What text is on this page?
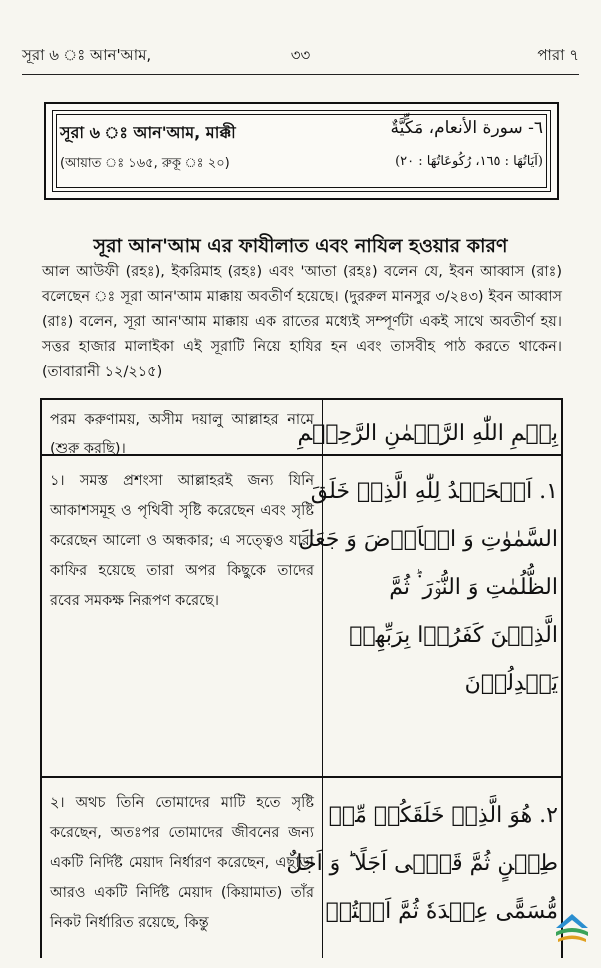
সূরা ৬ ঃ আন'আম,	৩৩	পারা ৭
সূরা ৬ ঃ আন'আম, মাক্কী
(আয়াত ঃ ১৬৫, রুকূ ঃ ২০)
٦- سورة الأنعام، مَكِّيَّةٌ
(آيَاتُهَا : ١٦٥، رُكُوعَاتُهَا : ٢٠)
সূরা আন'আম এর ফাযীলাত এবং নাযিল হওয়ার কারণ
আল আউফী (রহঃ), ইকরিমাহ (রহঃ) এবং 'আতা (রহঃ) বলেন যে, ইবন আব্বাস (রাঃ) বলেছেন ঃ সূরা আন'আম মাক্কায় অবতীর্ণ হয়েছে। (দুররুল মানসুর ৩/২৪৩) ইবন আব্বাস (রাঃ) বলেন, সূরা আন'আম মাক্কায় এক রাতের মধ্যেই সম্পূর্ণটা একই সাথে অবতীর্ণ হয়। সত্তর হাজার মালাইকা এই সূরাটি নিয়ে হাযির হন এবং তাসবীহ পাঠ করতে থাকেন। (তাবারানী ১২/২১৫)
পরম করুণাময়, অসীম দয়ালু আল্লাহর নামে (শুরু করছি)।
بِسۡمِ اللّٰهِ الرَّحۡمٰنِ الرَّحِیۡمِ
১। সমস্ত প্রশংসা আল্লাহরই জন্য যিনি আকাশসমূহ ও পৃথিবী সৃষ্টি করেছেন এবং সৃষ্টি করেছেন আলো ও অন্ধকার; এ সত্ত্বেও যারা কাফির হয়েছে তারা অপর কিছুকে তাদের রবের সমকক্ষ নিরূপণ করেছে।
١. اَلۡحَمۡدُ لِلّٰهِ الَّذِیۡ خَلَقَ
السَّمٰوٰتِ وَ الۡاَرۡضَ وَ جَعَلَ
الظُّلُمٰتِ وَ النُّوۡرَ ۬ؕ ثُمَّ
الَّذِیۡنَ كَفَرُوۡا بِرَبِّهِمۡ
یَعۡدِلُوۡنَ
২। অথচ তিনি তোমাদের মাটি হতে সৃষ্টি করেছেন, অতঃপর তোমাদের জীবনের জন্য একটি নির্দিষ্ট মেয়াদ নির্ধারণ করেছেন, এছাড়া আরও একটি নির্দিষ্ট মেয়াদ (কিয়ামাত) তাঁর নিকট নির্ধারিত রয়েছে, কিন্তু
٢. هُوَ الَّذِیۡ خَلَقَكُمۡ مِّنۡ
طِیۡنٍ ثُمَّ قَضٰۤی اَجَلًا ؕ وَ اَجَلٌ
مُّسَمًّی عِنۡدَهٗ ثُمَّ اَنۡتُمۡ
